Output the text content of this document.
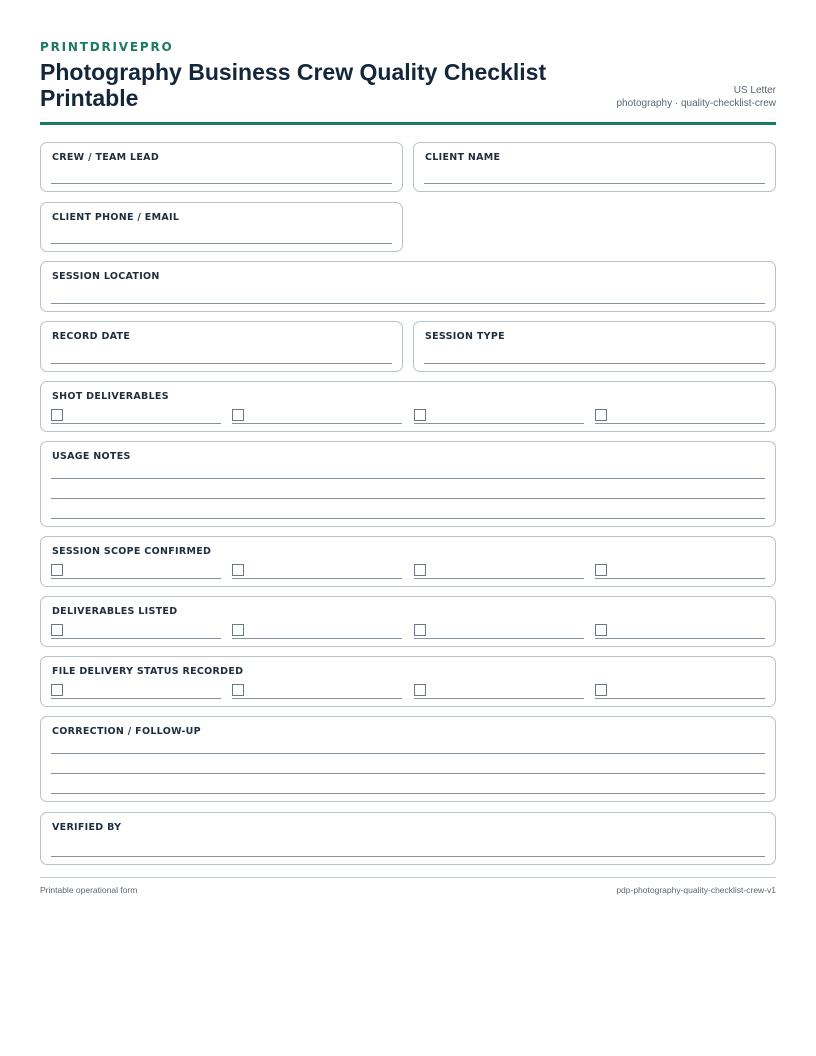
PRINTDRIVEPRO
Photography Business Crew Quality Checklist Printable	US Letter
photography · quality-checklist-crew
CREW / TEAM LEAD	CLIENT NAME
CLIENT PHONE / EMAIL
SESSION LOCATION
RECORD DATE	SESSION TYPE
SHOT DELIVERABLES
USAGE NOTES
SESSION SCOPE CONFIRMED
DELIVERABLES LISTED
FILE DELIVERY STATUS RECORDED
CORRECTION / FOLLOW-UP
VERIFIED BY
Printable operational form	pdp-photography-quality-checklist-crew-v1
